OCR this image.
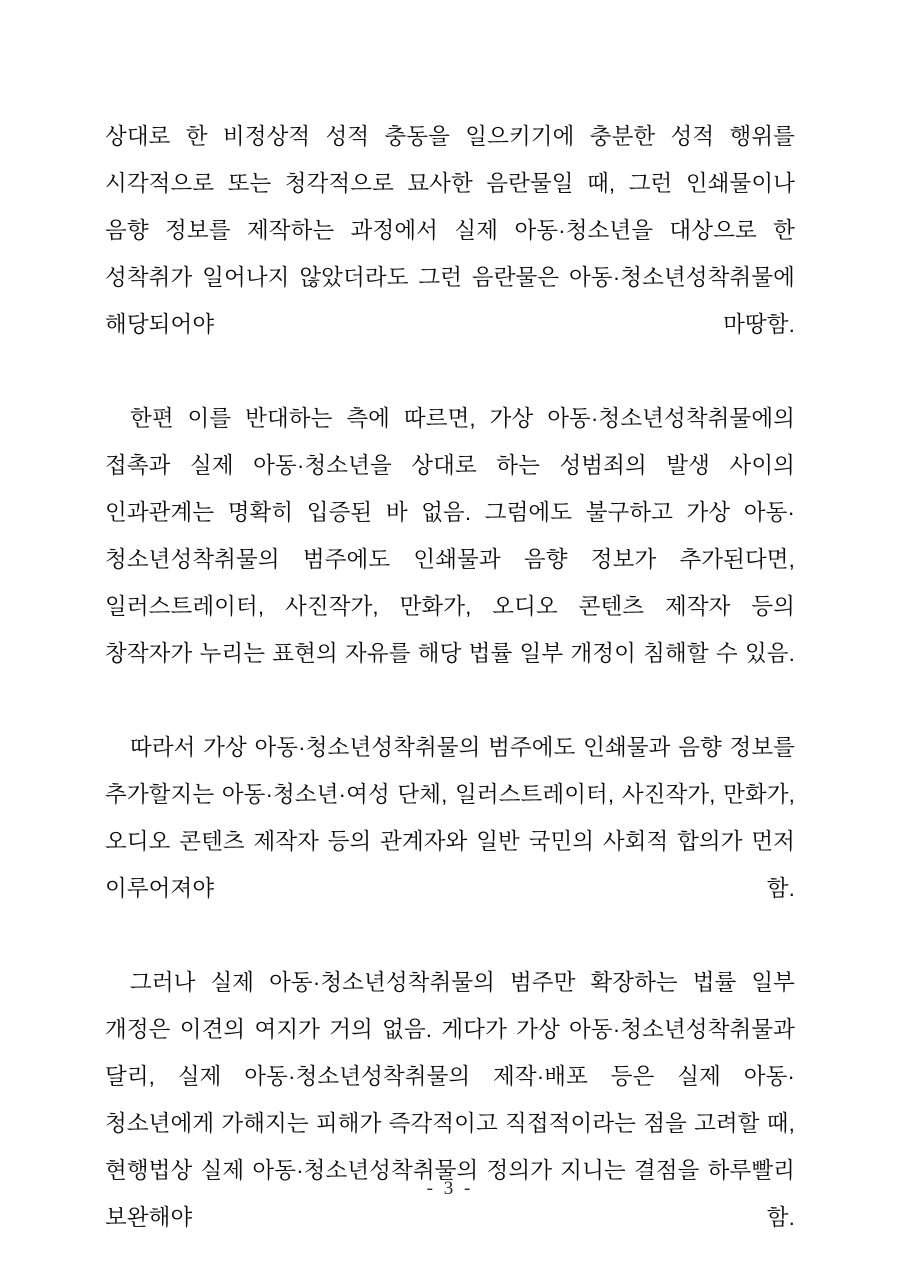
상대로 한 비정상적 성적 충동을 일으키기에 충분한 성적 행위를 시각적으로 또는 청각적으로 묘사한 음란물일 때, 그런 인쇄물이나 음향 정보를 제작하는 과정에서 실제 아동·청소년을 대상으로 한 성착취가 일어나지 않았더라도 그런 음란물은 아동·청소년성착취물에 해당되어야 마땅함.

한편 이를 반대하는 측에 따르면, 가상 아동·청소년성착취물에의 접촉과 실제 아동·청소년을 상대로 하는 성범죄의 발생 사이의 인과관계는 명확히 입증된 바 없음. 그럼에도 불구하고 가상 아동·청소년성착취물의 범주에도 인쇄물과 음향 정보가 추가된다면, 일러스트레이터, 사진작가, 만화가, 오디오 콘텐츠 제작자 등의 창작자가 누리는 표현의 자유를 해당 법률 일부 개정이 침해할 수 있음.

따라서 가상 아동·청소년성착취물의 범주에도 인쇄물과 음향 정보를 추가할지는 아동·청소년·여성 단체, 일러스트레이터, 사진작가, 만화가, 오디오 콘텐츠 제작자 등의 관계자와 일반 국민의 사회적 합의가 먼저 이루어져야 함.

그러나 실제 아동·청소년성착취물의 범주만 확장하는 법률 일부 개정은 이견의 여지가 거의 없음. 게다가 가상 아동·청소년성착취물과 달리, 실제 아동·청소년성착취물의 제작·배포 등은 실제 아동·청소년에게 가해지는 피해가 즉각적이고 직접적이라는 점을 고려할 때, 현행법상 실제 아동·청소년성착취물의 정의가 지니는 결점을 하루빨리 보완해야 함.

- 3 -
